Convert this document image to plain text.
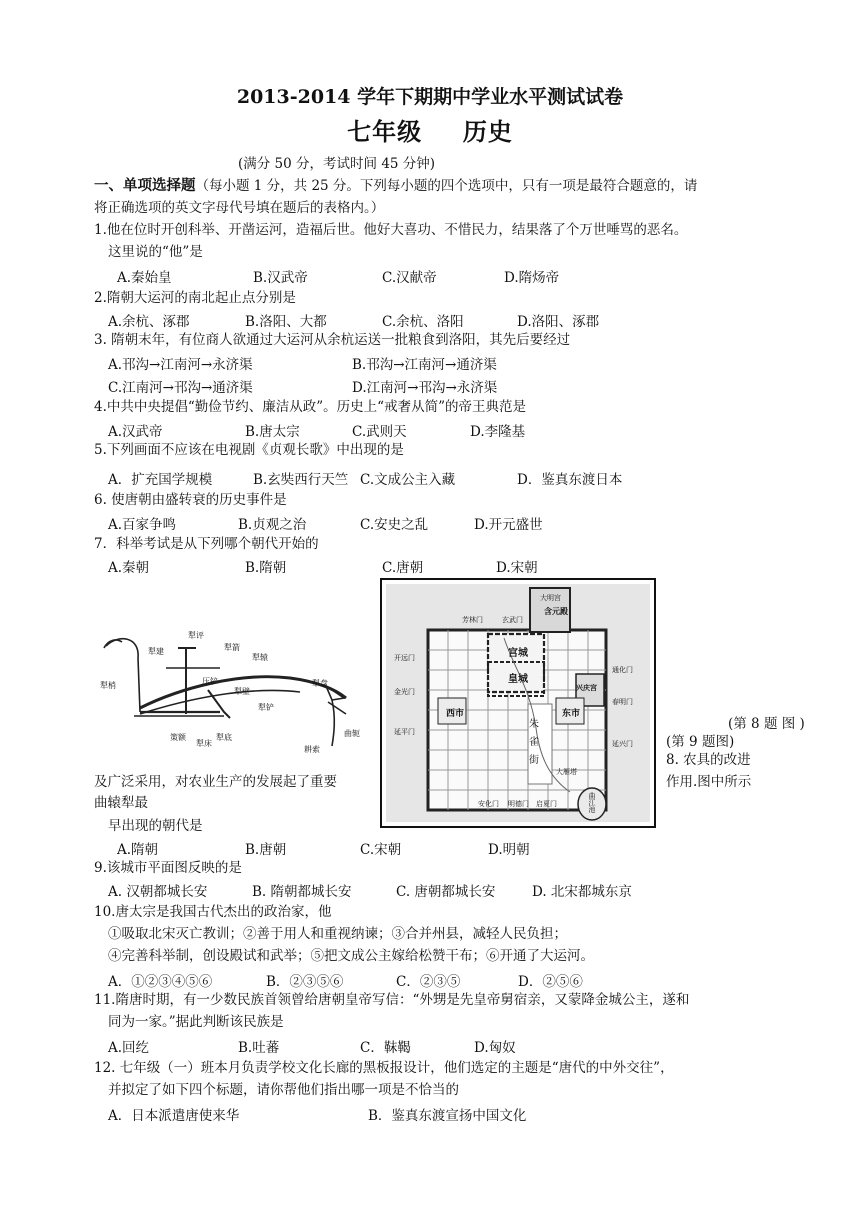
2013-2014 学年下期期中学业水平测试试卷
七年级 历史
(满分 50 分，考试时间 45 分钟)
一、单项选择题（每小题 1 分，共 25 分。下列每小题的四个选项中，只有一项是最符合题意的，请
将正确选项的英文字母代号填在题后的表格内。）
1.他在位时开创科举、开凿运河，造福后世。他好大喜功、不惜民力，结果落了个万世唾骂的恶名。
这里说的“他”是
A.秦始皇	B.汉武帝	C.汉献帝	D.隋炀帝
2.隋朝大运河的南北起止点分别是
A.余杭、涿郡	B.洛阳、大都	C.余杭、洛阳	D.洛阳、涿郡
3. 隋朝末年，有位商人欲通过大运河从余杭运送一批粮食到洛阳，其先后要经过
A.邗沟→江南河→永济渠	B.邗沟→江南河→通济渠
C.江南河→邗沟→通济渠	D.江南河→邗沟→永济渠
4.中共中央提倡“勤俭节约、廉洁从政”。历史上“戒奢从简”的帝王典范是
A.汉武帝	B.唐太宗	C.武则天	D.李隆基
5.下列画面不应该在电视剧《贞观长歌》中出现的是
A．扩充国学规模	B.玄奘西行天竺 C.文成公主入藏	D．鉴真东渡日本
6. 使唐朝由盛转衰的历史事件是
A.百家争鸣	B.贞观之治	C.安史之乱	D.开元盛世
7．科举考试是从下列哪个朝代开始的
A.秦朝	B.隋朝	C.唐朝	D.宋朝
犁评
犁建	犁箭
犁辕
犁梢	压铲
犁壁
犁铲
犁盘
曲轭
策额
犁床
犁底
耕索
大明宫
含元殿
芳林门	玄武门
宫城
皇城
开远门
金光门
延平门
西市	东市
通化门
春明门
延兴门
兴庆宫
朱雀街	大雁塔
安化门 明德门 启夏门	曲江池
(第 8 题 图 )
(第 9 题图)
8. 农具的改进
及广泛采用，对农业生产的发展起了重要	作用.图中所示
曲辕犁最
早出现的朝代是
A.隋朝	B.唐朝	C.宋朝	D.明朝
9.该城市平面图反映的是
A. 汉朝都城长安	B. 隋朝都城长安	C. 唐朝都城长安	D. 北宋都城东京
10.唐太宗是我国古代杰出的政治家，他
①吸取北宋灭亡教训；②善于用人和重视纳谏；③合并州县，减轻人民负担；
④完善科举制，创设殿试和武举；⑤把文成公主嫁给松赞干布；⑥开通了大运河。
A．①②③④⑤⑥	B．②③⑤⑥	C．②③⑤	D．②⑤⑥
11.隋唐时期，有一少数民族首领曾给唐朝皇帝写信：“外甥是先皇帝舅宿亲，又蒙降金城公主，遂和
同为一家。”据此判断该民族是
A.回纥	B.吐蕃	C．靺鞨	D.匈奴
12. 七年级（一）班本月负责学校文化长廊的黑板报设计，他们选定的主题是“唐代的中外交往”，
并拟定了如下四个标题，请你帮他们指出哪一项是不恰当的
A．日本派遣唐使来华	B．鉴真东渡宣扬中国文化
